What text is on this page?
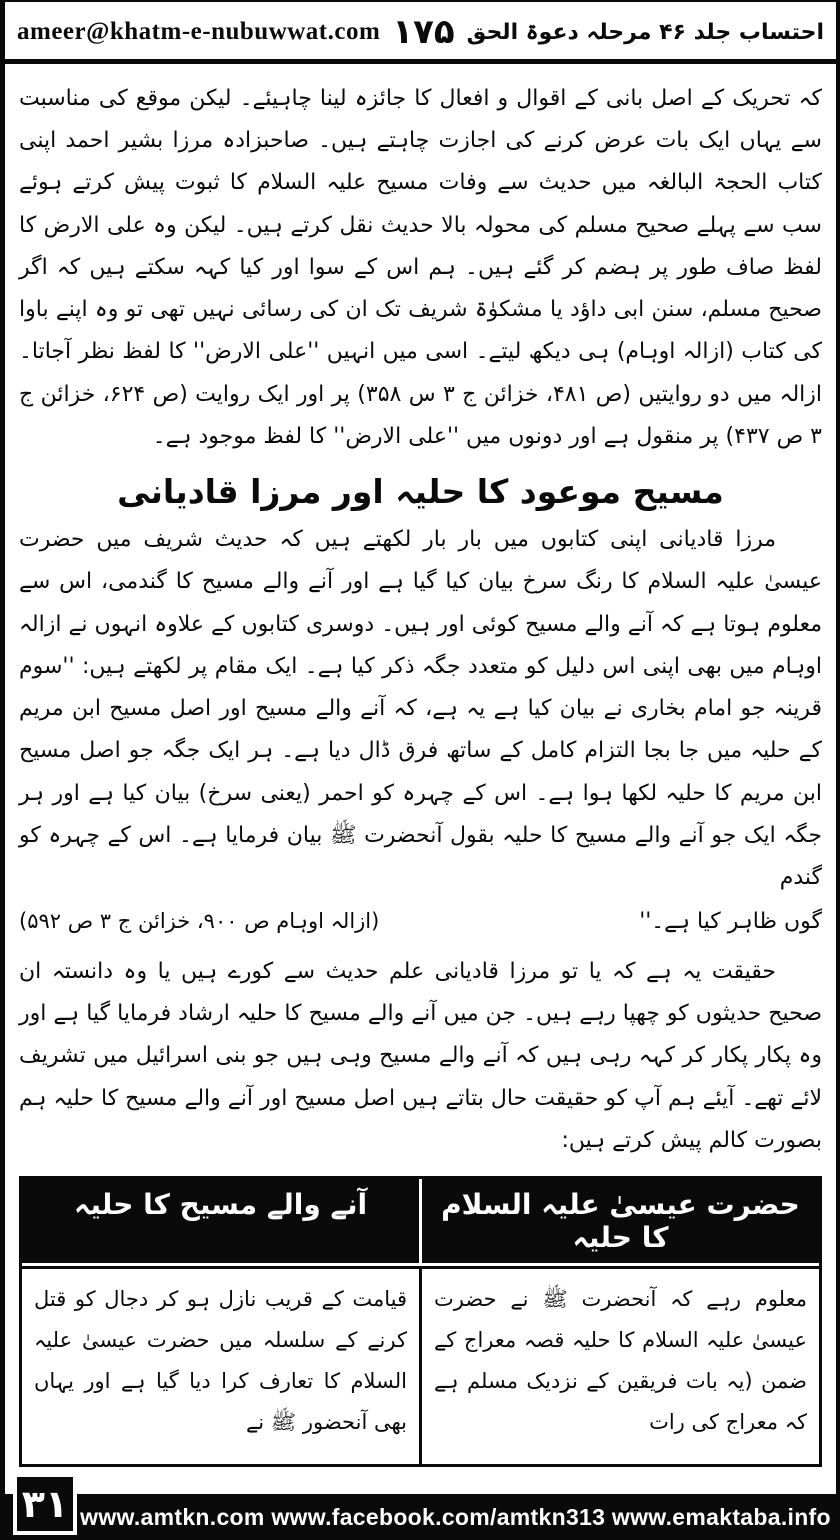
ameer@khatm-e-nubuwwat.com ۱۷۵ احتساب جلد ۴۶ مرحلہ دعوۃ الحق

کہ تحریک کے اصل بانی کے اقوال و افعال کا جائزہ لینا چاہیئے۔ لیکن موقع کی مناسبت سے یہاں ایک بات عرض کرنے کی اجازت چاہتے ہیں۔ صاحبزادہ مرزا بشیر احمد اپنی کتاب الحجۃ البالغہ میں حدیث سے وفات مسیح علیہ السلام کا ثبوت پیش کرتے ہوئے سب سے پہلے صحیح مسلم کی محولہ بالا حدیث نقل کرتے ہیں۔ لیکن وہ علی الارض کا لفظ صاف طور پر ہضم کر گئے ہیں۔ ہم اس کے سوا اور کیا کہہ سکتے ہیں کہ اگر صحیح مسلم، سنن ابی داؤد یا مشکوٰۃ شریف تک ان کی رسائی نہیں تھی تو وہ اپنے باوا کی کتاب (ازالہ اوہام) ہی دیکھ لیتے۔ اسی میں انہیں ''علی الارض'' کا لفظ نظر آجاتا۔ ازالہ میں دو روایتیں (ص ۴۸۱، خزائن ج ۳ س ۳۵۸) پر اور ایک روایت (ص ۶۲۴، خزائن ج ۳ ص ۴۳۷) پر منقول ہے اور دونوں میں ''علی الارض'' کا لفظ موجود ہے۔

مسیح موعود کا حلیہ اور مرزا قادیانی

مرزا قادیانی اپنی کتابوں میں بار بار لکھتے ہیں کہ حدیث شریف میں حضرت عیسیٰ علیہ السلام کا رنگ سرخ بیان کیا گیا ہے اور آنے والے مسیح کا گندمی، اس سے معلوم ہوتا ہے کہ آنے والے مسیح کوئی اور ہیں۔ دوسری کتابوں کے علاوہ انہوں نے ازالہ اوہام میں بھی اپنی اس دلیل کو متعدد جگہ ذکر کیا ہے۔ ایک مقام پر لکھتے ہیں: ''سوم قرینہ جو امام بخاری نے بیان کیا ہے یہ ہے، کہ آنے والے مسیح اور اصل مسیح ابن مریم کے حلیہ میں جا بجا التزام کامل کے ساتھ فرق ڈال دیا ہے۔ ہر ایک جگہ جو اصل مسیح ابن مریم کا حلیہ لکھا ہوا ہے۔ اس کے چہرہ کو احمر (یعنی سرخ) بیان کیا ہے اور ہر جگہ ایک جو آنے والے مسیح کا حلیہ بقول آنحضرت ﷺ بیان فرمایا ہے۔ اس کے چہرہ کو گندم

گوں ظاہر کیا ہے۔''
(ازالہ اوہام ص ۹۰۰، خزائن ج ۳ ص ۵۹۲)

حقیقت یہ ہے کہ یا تو مرزا قادیانی علم حدیث سے کورے ہیں یا وہ دانستہ ان صحیح حدیثوں کو چھپا رہے ہیں۔ جن میں آنے والے مسیح کا حلیہ ارشاد فرمایا گیا ہے اور وہ پکار پکار کر کہہ رہی ہیں کہ آنے والے مسیح وہی ہیں جو بنی اسرائیل میں تشریف لائے تھے۔ آیئے ہم آپ کو حقیقت حال بتاتے ہیں اصل مسیح اور آنے والے مسیح کا حلیہ ہم بصورت کالم پیش کرتے ہیں:

حضرت عیسیٰ علیہ السلام کا حلیہ
آنے والے مسیح کا حلیہ
معلوم رہے کہ آنحضرت ﷺ نے حضرت عیسیٰ علیہ السلام کا حلیہ قصہ معراج کے ضمن (یہ بات فریقین کے نزدیک مسلم ہے کہ معراج کی رات
قیامت کے قریب نازل ہو کر دجال کو قتل کرنے کے سلسلہ میں حضرت عیسیٰ علیہ السلام کا تعارف کرا دیا گیا ہے اور یہاں بھی آنحضور ﷺ نے
www.amtkn.com www.facebook.com/amtkn313 www.emaktaba.info
۳۱
